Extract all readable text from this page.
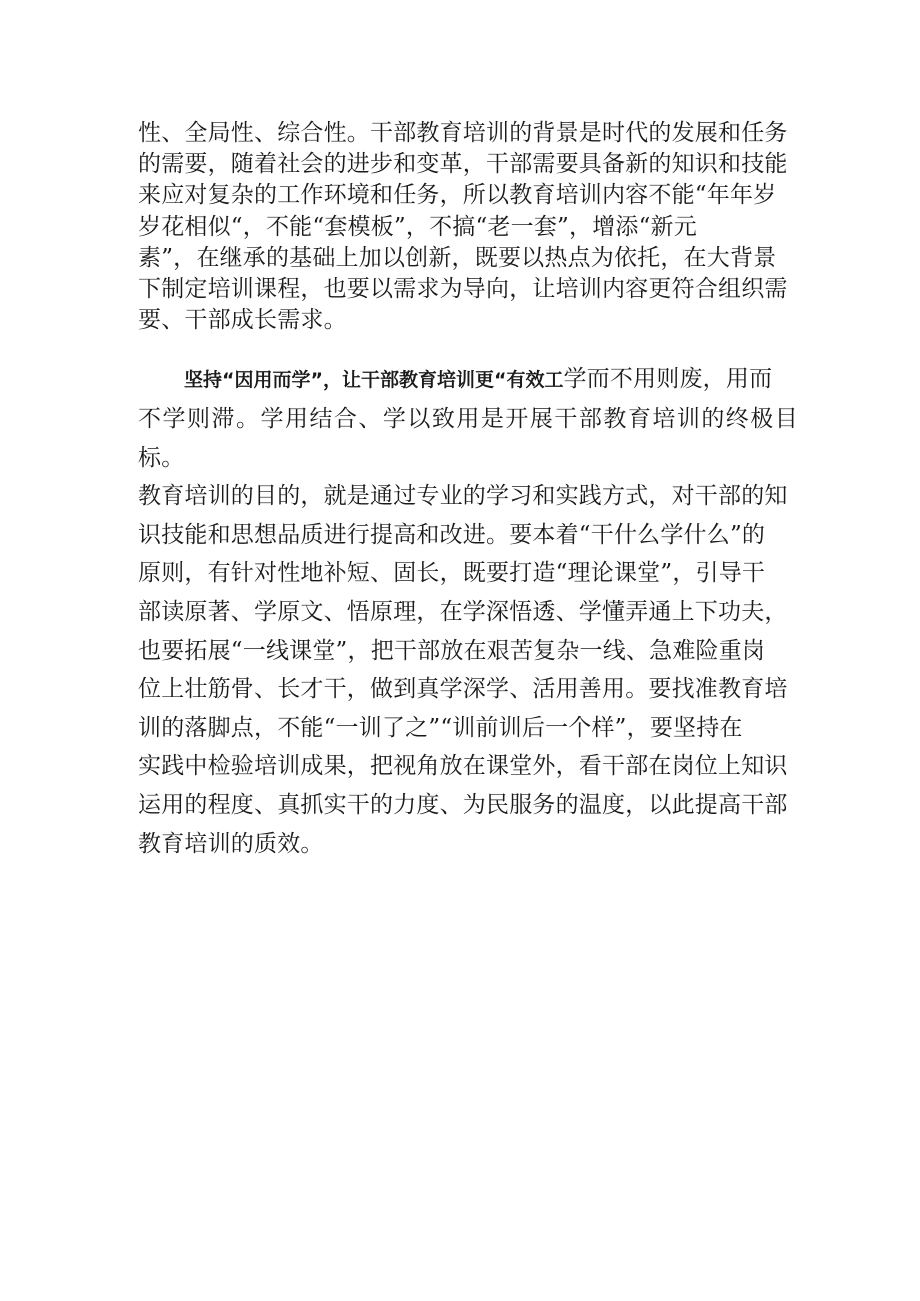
性、全局性、综合性。干部教育培训的背景是时代的发展和任务
的需要，随着社会的进步和变革，干部需要具备新的知识和技能
来应对复杂的工作环境和任务，所以教育培训内容不能“年年岁
岁花相似“，不能“套模板”，不搞“老一套”，增添“新元
素”，在继承的基础上加以创新，既要以热点为依托，在大背景
下制定培训课程，也要以需求为导向，让培训内容更符合组织需
要、干部成长需求。

坚持“因用而学”，让干部教育培训更“有效工学而不用则废，用而
不学则滞。学用结合、学以致用是开展干部教育培训的终极目标。
教育培训的目的，就是通过专业的学习和实践方式，对干部的知
识技能和思想品质进行提高和改进。要本着“干什么学什么”的
原则，有针对性地补短、固长，既要打造“理论课堂”，引导干
部读原著、学原文、悟原理，在学深悟透、学懂弄通上下功夫，
也要拓展“一线课堂”，把干部放在艰苦复杂一线、急难险重岗
位上壮筋骨、长才干，做到真学深学、活用善用。要找准教育培
训的落脚点，不能“一训了之”“训前训后一个样”，要坚持在
实践中检验培训成果，把视角放在课堂外，看干部在岗位上知识
运用的程度、真抓实干的力度、为民服务的温度，以此提高干部
教育培训的质效。
